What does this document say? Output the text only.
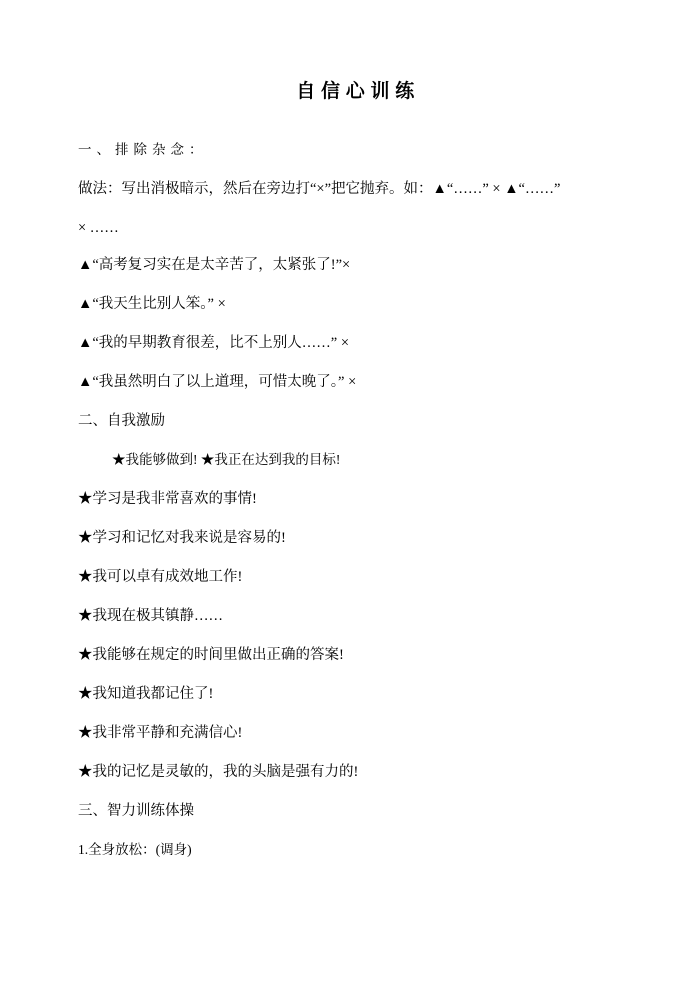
自 信 心 训 练

一、排除杂念：

做法：写出消极暗示，然后在旁边打“×”把它抛弃。如：▲“……” × ▲“……”

× ……

▲“高考复习实在是太辛苦了，太紧张了!”×

▲“我天生比别人笨。” ×

▲“我的早期教育很差，比不上别人……” ×

▲“我虽然明白了以上道理，可惜太晚了。” ×

二、自我激励

★我能够做到! ★我正在达到我的目标!

★学习是我非常喜欢的事情!

★学习和记忆对我来说是容易的!

★我可以卓有成效地工作!

★我现在极其镇静……

★我能够在规定的时间里做出正确的答案!

★我知道我都记住了!

★我非常平静和充满信心!

★我的记忆是灵敏的，我的头脑是强有力的!

三、智力训练体操

1.全身放松：(调身)
